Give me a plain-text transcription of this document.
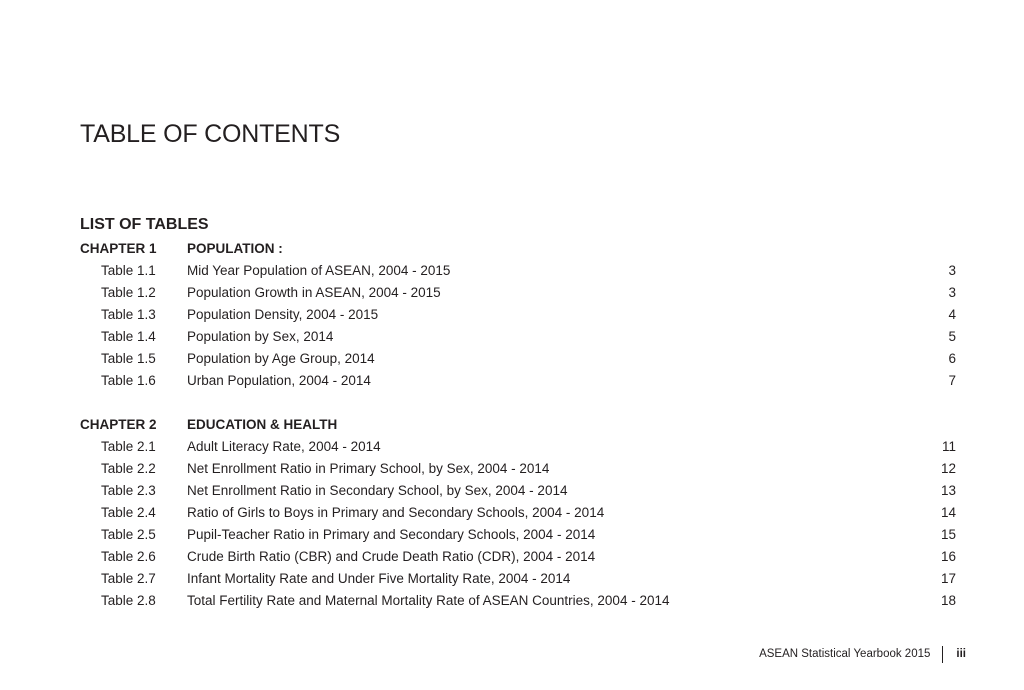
TABLE OF CONTENTS
LIST OF TABLES
CHAPTER 1 POPULATION :
Table 1.1 Mid Year Population of ASEAN, 2004 - 2015	3
Table 1.2 Population Growth in ASEAN, 2004 - 2015	3
Table 1.3 Population Density, 2004 - 2015	4
Table 1.4 Population by Sex, 2014	5
Table 1.5 Population by Age Group, 2014	6
Table 1.6 Urban Population, 2004 - 2014	7
CHAPTER 2 EDUCATION & HEALTH
Table 2.1 Adult Literacy Rate, 2004 - 2014	11
Table 2.2 Net Enrollment Ratio in Primary School, by Sex, 2004 - 2014	12
Table 2.3 Net Enrollment Ratio in Secondary School, by Sex, 2004 - 2014	13
Table 2.4 Ratio of Girls to Boys in Primary and Secondary Schools, 2004 - 2014	14
Table 2.5 Pupil-Teacher Ratio in Primary and Secondary Schools, 2004 - 2014	15
Table 2.6 Crude Birth Ratio (CBR) and Crude Death Ratio (CDR), 2004 - 2014	16
Table 2.7 Infant Mortality Rate and Under Five Mortality Rate, 2004 - 2014	17
Table 2.8 Total Fertility Rate and Maternal Mortality Rate of ASEAN Countries, 2004 - 2014	18
ASEAN Statistical Yearbook 2015 iii
